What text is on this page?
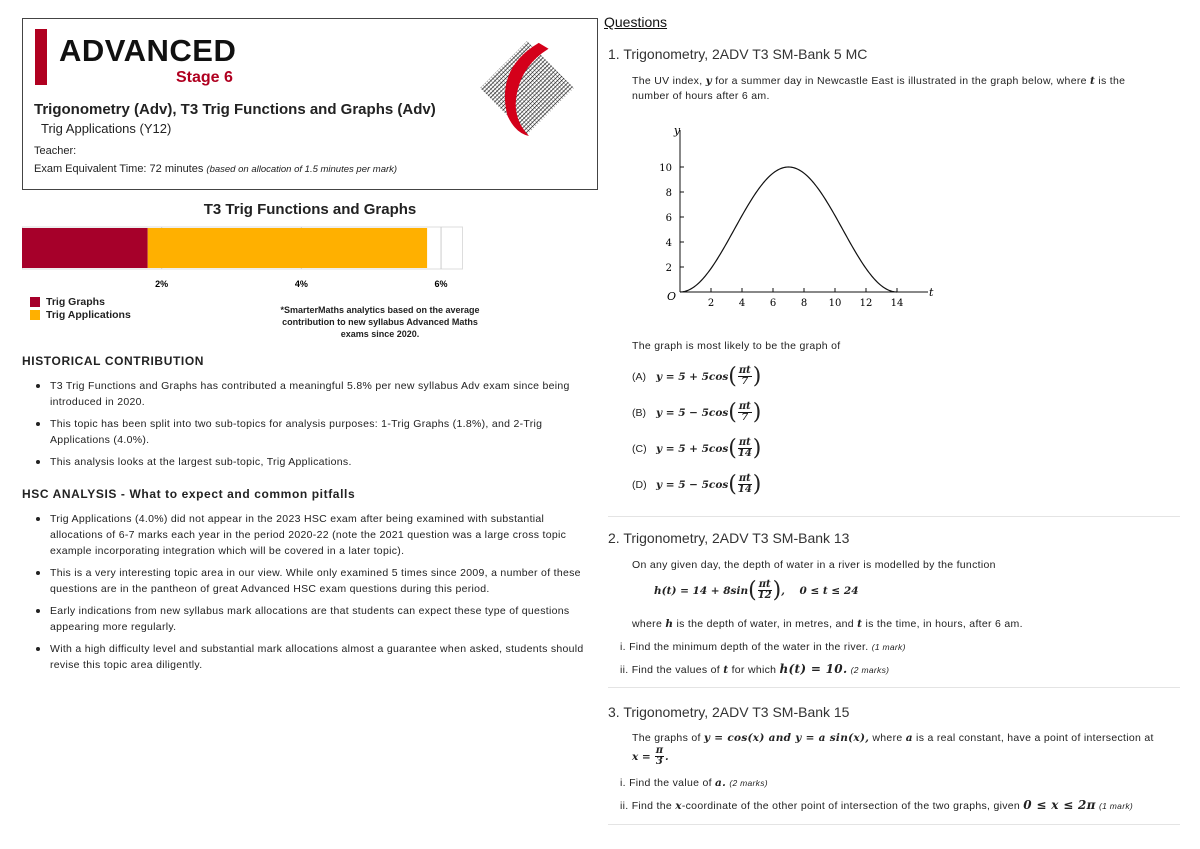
ADVANCED
Stage 6
Trigonometry (Adv), T3 Trig Functions and Graphs (Adv)
Trig Applications (Y12)
Teacher:
Exam Equivalent Time: 72 minutes (based on allocation of 1.5 minutes per mark)
T3 Trig Functions and Graphs
2%	4%	6%
Trig Graphs
Trig Applications	*SmarterMaths analytics based on the average contribution to new syllabus Advanced Maths exams since 2020.
HISTORICAL CONTRIBUTION
T3 Trig Functions and Graphs has contributed a meaningful 5.8% per new syllabus Adv exam since being introduced in 2020.
This topic has been split into two sub-topics for analysis purposes: 1-Trig Graphs (1.8%), and 2-Trig Applications (4.0%).
This analysis looks at the largest sub-topic, Trig Applications.
HSC ANALYSIS - What to expect and common pitfalls
Trig Applications (4.0%) did not appear in the 2023 HSC exam after being examined with substantial allocations of 6-7 marks each year in the period 2020-22 (note the 2021 question was a large cross topic example incorporating integration which will be covered in a later topic).
This is a very interesting topic area in our view. While only examined 5 times since 2009, a number of these questions are in the pantheon of great Advanced HSC exam questions during this period.
Early indications from new syllabus mark allocations are that students can expect these type of questions appearing more regularly.
With a high difficulty level and substantial mark allocations almost a guarantee when asked, students should revise this topic area diligently.
Questions
1. Trigonometry, 2ADV T3 SM-Bank 5 MC
The UV index, y for a summer day in Newcastle East is illustrated in the graph below, where t is the number of hours after 6 am.
y
t
O
2 4 6 8 10 12 14
2
4
6
8
10
The graph is most likely to be the graph of
(A) y = 5 + 5cos ( $\frac{\pi t}{7}$ )
(B) y = 5 − 5cos ( $\frac{\pi t}{7}$ )
(C) y = 5 + 5cos ( $\frac{\pi t}{14}$ )
(D) y = 5 − 5cos ( $\frac{\pi t}{14}$ )
2. Trigonometry, 2ADV T3 SM-Bank 13
On any given day, the depth of water in a river is modelled by the function
h(t) = 14 + 8sin ( $\frac{\pi t}{12}$ ) ,    0 ≤ t ≤ 24
where h is the depth of water, in metres, and t is the time, in hours, after 6 am.
i. Find the minimum depth of the water in the river. (1 mark)
ii. Find the values of t for which h(t) = 10. (2 marks)
3. Trigonometry, 2ADV T3 SM-Bank 15
The graphs of y = cos(x) and y = a sin(x), where a is a real constant, have a point of intersection at
$x = \frac{\pi}{3}$ .
i. Find the value of a. (2 marks)
ii. Find the x-coordinate of the other point of intersection of the two graphs, given 0 ≤ x ≤ 2π (1 mark)
